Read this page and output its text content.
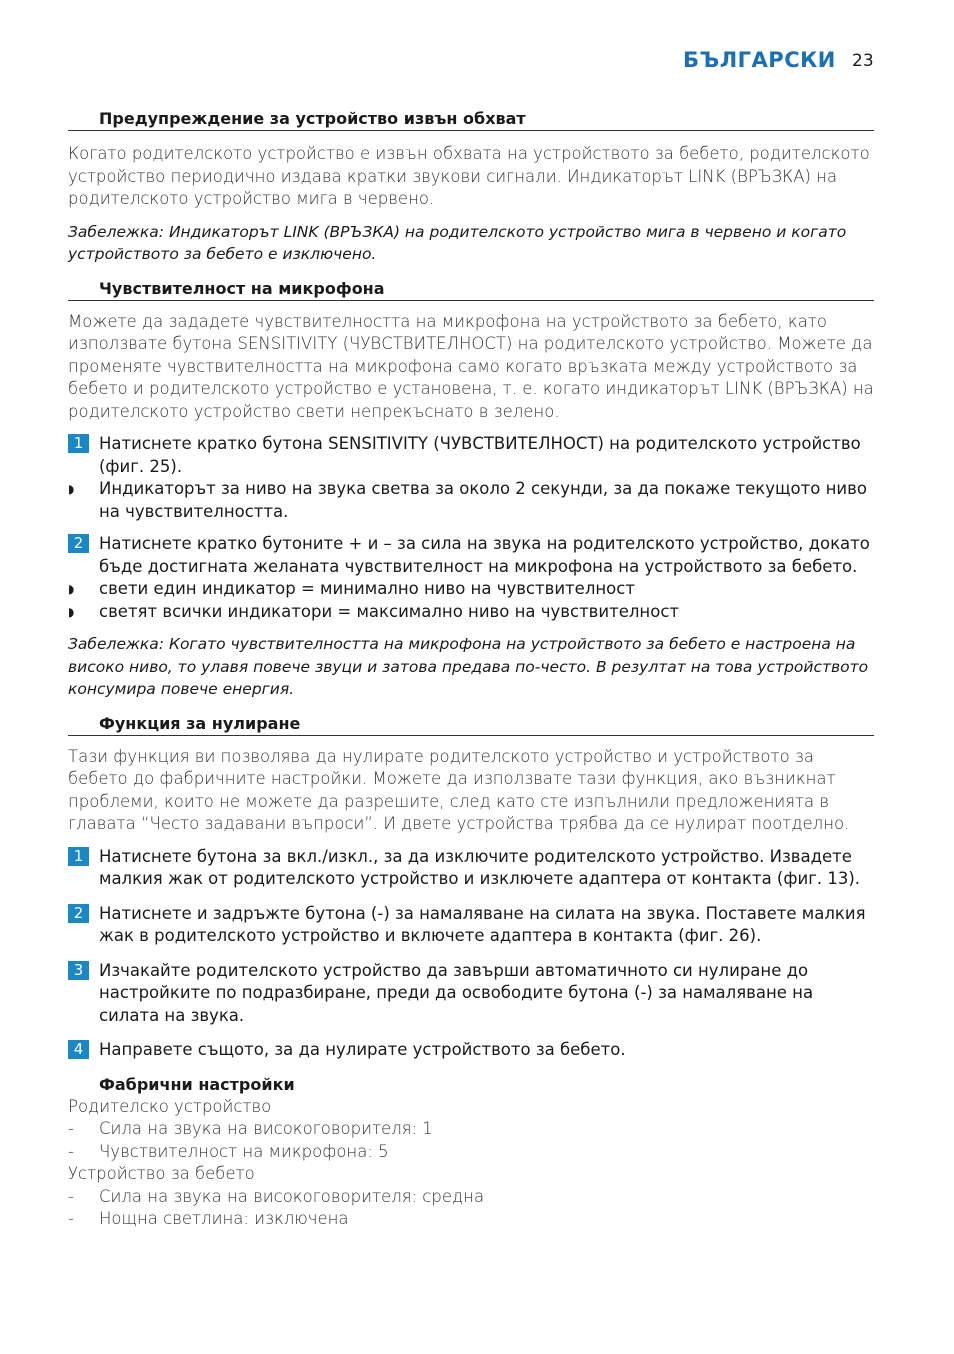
БЪЛГАРСКИ 23
Предупреждение за устройство извън обхват
Когато родителското устройство е извън обхвата на устройството за бебето, родителското устройство периодично издава кратки звукови сигнали. Индикаторът LINK (ВРЪЗКА) на родителското устройство мига в червено.
Забележка: Индикаторът LINK (ВРЪЗКА) на родителското устройство мига в червено и когато устройството за бебето е изключено.
Чувствителност на микрофона
Можете да зададете чувствителността на микрофона на устройството за бебето, като използвате бутона SENSITIVITY (ЧУВСТВИТЕЛНОСТ) на родителското устройство. Можете да променяте чувствителността на микрофона само когато връзката между устройството за бебето и родителското устройство е установена, т. е. когато индикаторът LINK (ВРЪЗКА) на родителското устройство свети непрекъснато в зелено.
1 Натиснете кратко бутона SENSITIVITY (ЧУВСТВИТЕЛНОСТ) на родителското устройство (фиг. 25).
◗	Индикаторът за ниво на звука светва за около 2 секунди, за да покаже текущото ниво на чувствителността.
2 Натиснете кратко бутоните + и – за сила на звука на родителското устройство, докато бъде достигната желаната чувствителност на микрофона на устройството за бебето.
◗	свети един индикатор = минимално ниво на чувствителност
◗	светят всички индикатори = максимално ниво на чувствителност
Забележка: Когато чувствителността на микрофона на устройството за бебето е настроена на високо ниво, то улавя повече звуци и затова предава по-често. В резултат на това устройството консумира повече енергия.
Функция за нулиране
Тази функция ви позволява да нулирате родителското устройство и устройството за бебето до фабричните настройки. Можете да използвате тази функция, ако възникнат проблеми, които не можете да разрешите, след като сте изпълнили предложенията в главата “Често задавани въпроси”. И двете устройства трябва да се нулират поотделно.
1 Натиснете бутона за вкл./изкл., за да изключите родителското устройство. Извадете малкия жак от родителското устройство и изключете адаптера от контакта (фиг. 13).
2 Натиснете и задръжте бутона (-) за намаляване на силата на звука. Поставете малкия жак в родителското устройство и включете адаптера в контакта (фиг. 26).
3 Изчакайте родителското устройство да завърши автоматичното си нулиране до настройките по подразбиране, преди да освободите бутона (-) за намаляване на силата на звука.
4 Направете същото, за да нулирате устройството за бебето.
Фабрични настройки
Родителско устройство
-	Сила на звука на високоговорителя: 1
-	Чувствителност на микрофона: 5
Устройство за бебето
-	Сила на звука на високоговорителя: средна
-	Нощна светлина: изключена
